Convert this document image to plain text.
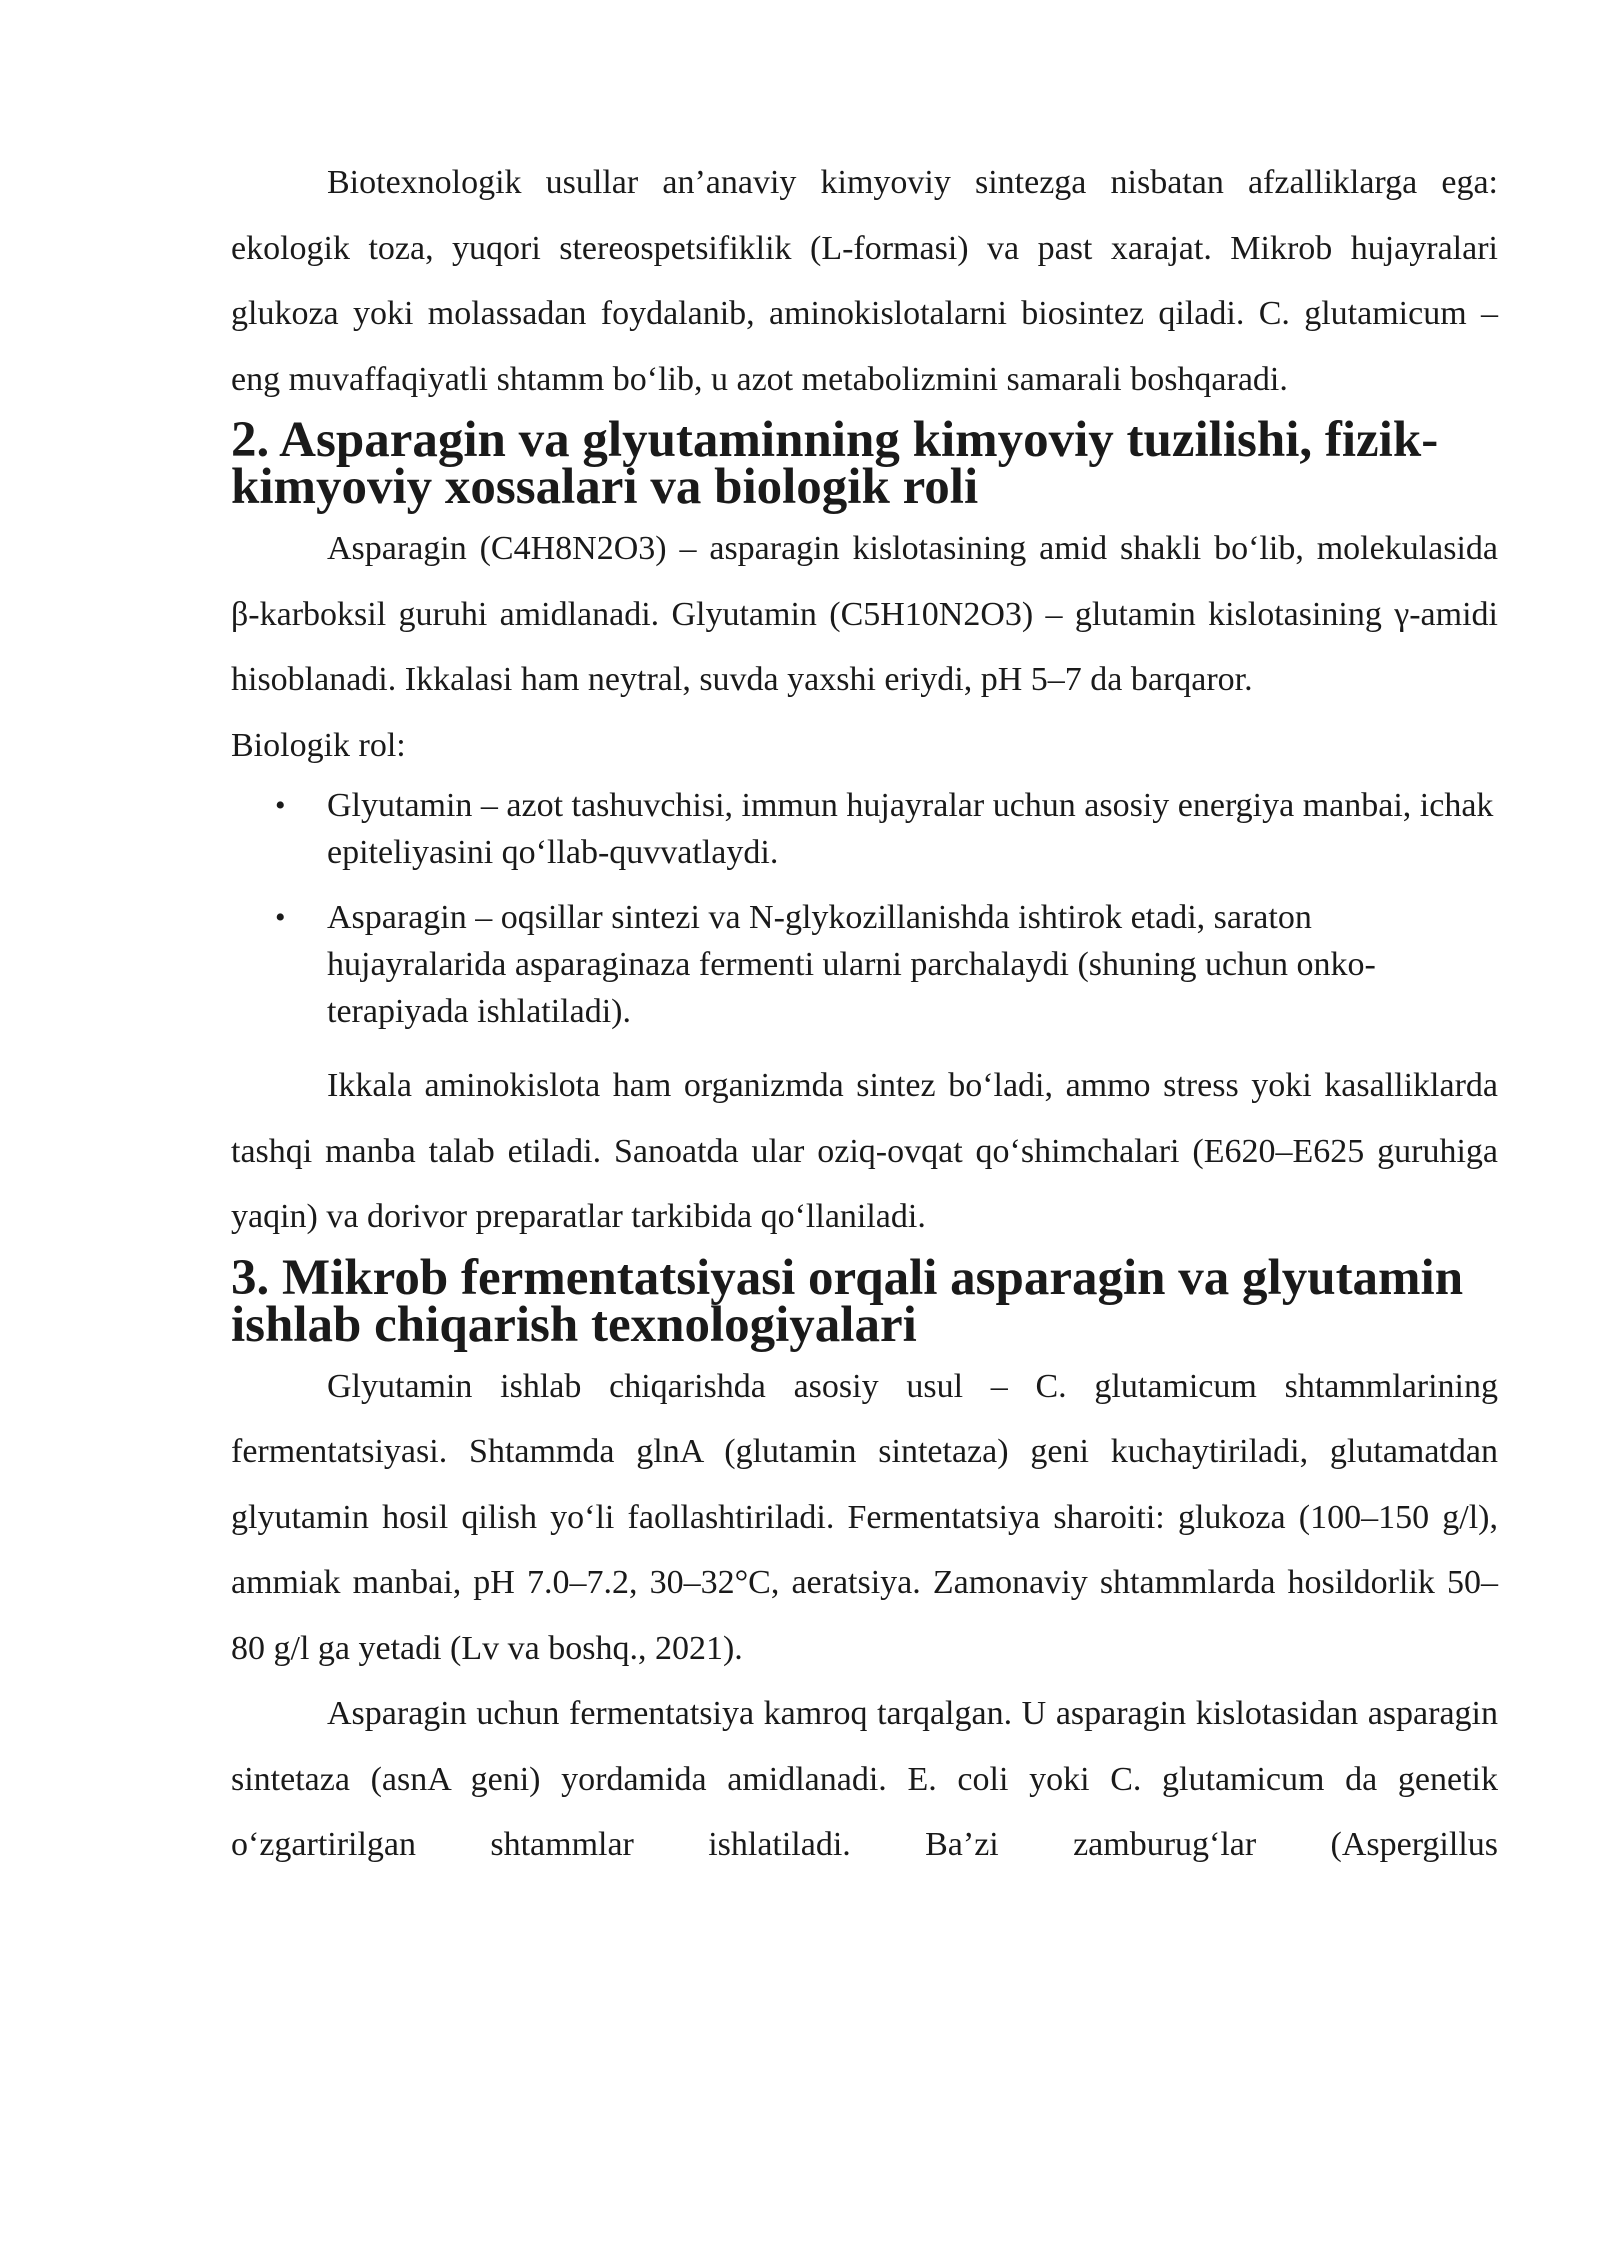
Biotexnologik usullar an’anaviy kimyoviy sintezga nisbatan afzalliklarga ega: ekologik toza, yuqori stereospetsifiklik (L-formasi) va past xarajat. Mikrob hujayralari glukoza yoki molassadan foydalanib, aminokislotalarni biosintez qiladi. C. glutamicum – eng muvaffaqiyatli shtamm bo‘lib, u azot metabolizmini samarali boshqaradi.

2. Asparagin va glyutaminning kimyoviy tuzilishi, fizik-kimyoviy xossalari va biologik roli

Asparagin (C4H8N2O3) – asparagin kislotasining amid shakli bo‘lib, molekulasida β-karboksil guruhi amidlanadi. Glyutamin (C5H10N2O3) – glutamin kislotasining γ-amidi hisoblanadi. Ikkalasi ham neytral, suvda yaxshi eriydi, pH 5–7 da barqaror.

Biologik rol:

• Glyutamin – azot tashuvchisi, immun hujayralar uchun asosiy energiya manbai, ichak epiteliyasini qo‘llab-quvvatlaydi.
• Asparagin – oqsillar sintezi va N-glykozillanishda ishtirok etadi, saraton hujayralarida asparaginaza fermenti ularni parchalaydi (shuning uchun onko-terapiyada ishlatiladi).

Ikkala aminokislota ham organizmda sintez bo‘ladi, ammo stress yoki kasalliklarda tashqi manba talab etiladi. Sanoatda ular oziq-ovqat qo‘shimchalari (E620–E625 guruhiga yaqin) va dorivor preparatlar tarkibida qo‘llaniladi.

3. Mikrob fermentatsiyasi orqali asparagin va glyutamin ishlab chiqarish texnologiyalari

Glyutamin ishlab chiqarishda asosiy usul – C. glutamicum shtammlarining fermentatsiyasi. Shtammda glnA (glutamin sintetaza) geni kuchaytiriladi, glutamatdan glyutamin hosil qilish yo‘li faollashtiriladi. Fermentatsiya sharoiti: glukoza (100–150 g/l), ammiak manbai, pH 7.0–7.2, 30–32°C, aeratsiya. Zamonaviy shtammlarda hosildorlik 50–80 g/l ga yetadi (Lv va boshq., 2021).

Asparagin uchun fermentatsiya kamroq tarqalgan. U asparagin kislotasidan asparagin sintetaza (asnA geni) yordamida amidlanadi. E. coli yoki C. glutamicum da genetik o‘zgartirilgan shtammlar ishlatiladi. Ba’zi zamburug‘lar (Aspergillus
